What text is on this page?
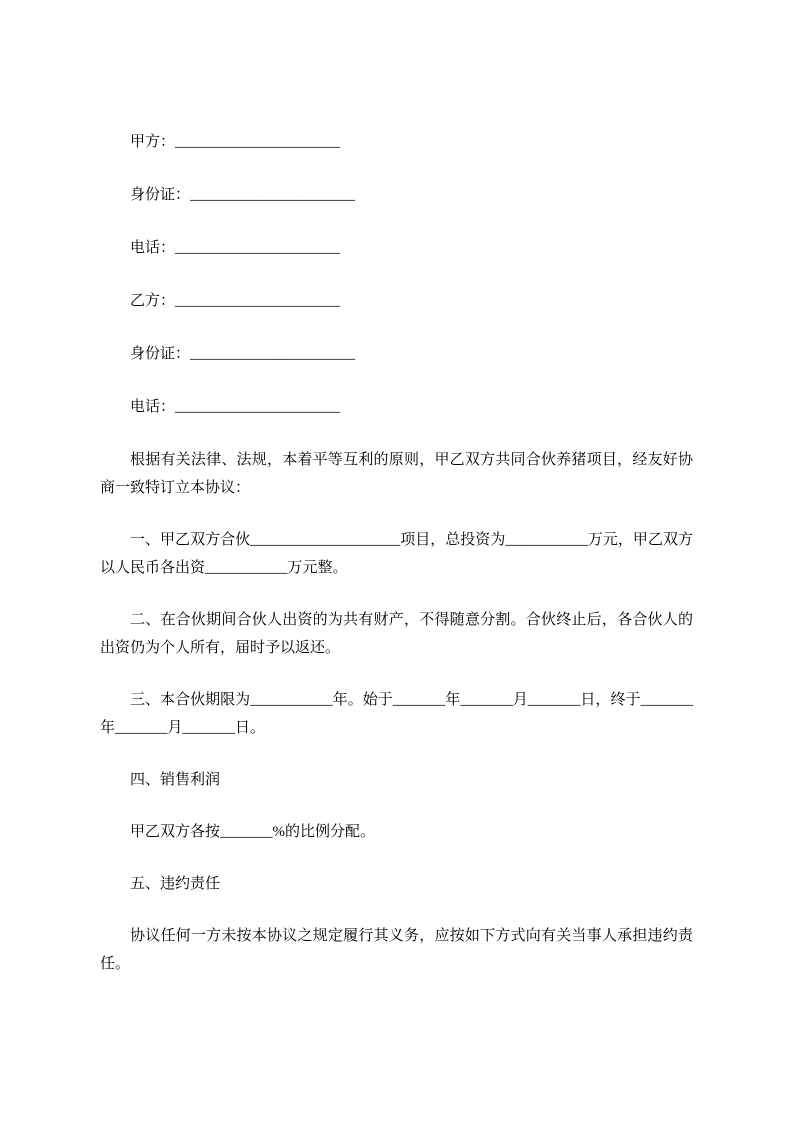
甲方：______________________

身份证：______________________

电话：______________________

乙方：______________________

身份证：______________________

电话：______________________

根据有关法律、法规，本着平等互利的原则，甲乙双方共同合伙养猪项目，经友好协商一致特订立本协议：

一、甲乙双方合伙____________________项目，总投资为___________万元，甲乙双方以人民币各出资___________万元整。

二、在合伙期间合伙人出资的为共有财产，不得随意分割。合伙终止后，各合伙人的出资仍为个人所有，届时予以返还。

三、本合伙期限为___________年。始于_______年_______月_______日，终于_______年_______月_______日。

四、销售利润

甲乙双方各按_______%的比例分配。

五、违约责任

协议任何一方未按本协议之规定履行其义务，应按如下方式向有关当事人承担违约责任。
